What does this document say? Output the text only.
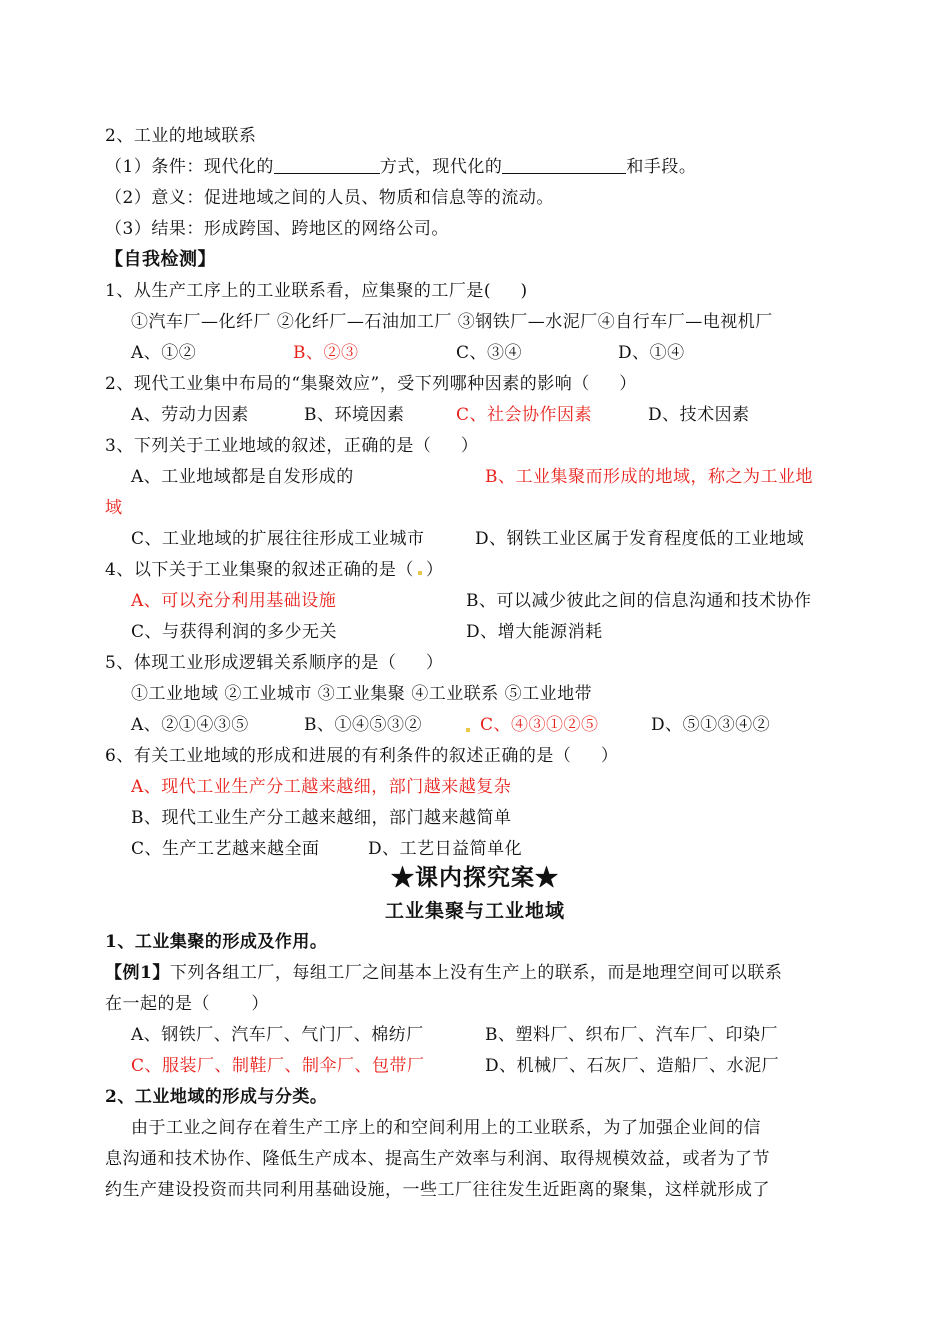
2、工业的地域联系
（1）条件：现代化的	方式，现代化的	和手段。
（2）意义：促进地域之间的人员、物质和信息等的流动。
（3）结果：形成跨国、跨地区的网络公司。
【自我检测】
1、从生产工序上的工业联系看，应集聚的工厂是(     )
①汽车厂—化纤厂 ②化纤厂—石油加工厂 ③钢铁厂—水泥厂④自行车厂—电视机厂
A、①②	B、②③	C、③④	D、①④
2、现代工业集中布局的“集聚效应”，受下列哪种因素的影响（     ）
A、劳动力因素	B、环境因素	C、社会协作因素	D、技术因素
3、下列关于工业地域的叙述，正确的是（     ）
A、工业地域都是自发形成的	B、工业集聚而形成的地域，称之为工业地
域
C、工业地域的扩展往往形成工业城市	D、钢铁工业区属于发育程度低的工业地域
4、以下关于工业集聚的叙述正确的是（ ）
A、可以充分利用基础设施	B、可以减少彼此之间的信息沟通和技术协作
C、与获得利润的多少无关	D、增大能源消耗
5、体现工业形成逻辑关系顺序的是（     ）
①工业地域 ②工业城市 ③工业集聚 ④工业联系 ⑤工业地带
A、②①④③⑤	B、①④⑤③②	C、④③①②⑤	D、⑤①③④②
6、有关工业地域的形成和进展的有利条件的叙述正确的是（     ）
A、现代工业生产分工越来越细，部门越来越复杂
B、现代工业生产分工越来越细，部门越来越简单
C、生产工艺越来越全面	D、工艺日益简单化
★课内探究案★
工业集聚与工业地域
1、工业集聚的形成及作用。
【例1】下列各组工厂，每组工厂之间基本上没有生产上的联系，而是地理空间可以联系
在一起的是（       ）
A、钢铁厂、汽车厂、气门厂、棉纺厂	B、塑料厂、织布厂、汽车厂、印染厂
C、服装厂、制鞋厂、制伞厂、包带厂	D、机械厂、石灰厂、造船厂、水泥厂
2、工业地域的形成与分类。
由于工业之间存在着生产工序上的和空间利用上的工业联系，为了加强企业间的信
息沟通和技术协作、隆低生产成本、提高生产效率与利润、取得规模效益，或者为了节
约生产建设投资而共同利用基础设施，一些工厂往往发生近距离的聚集，这样就形成了
